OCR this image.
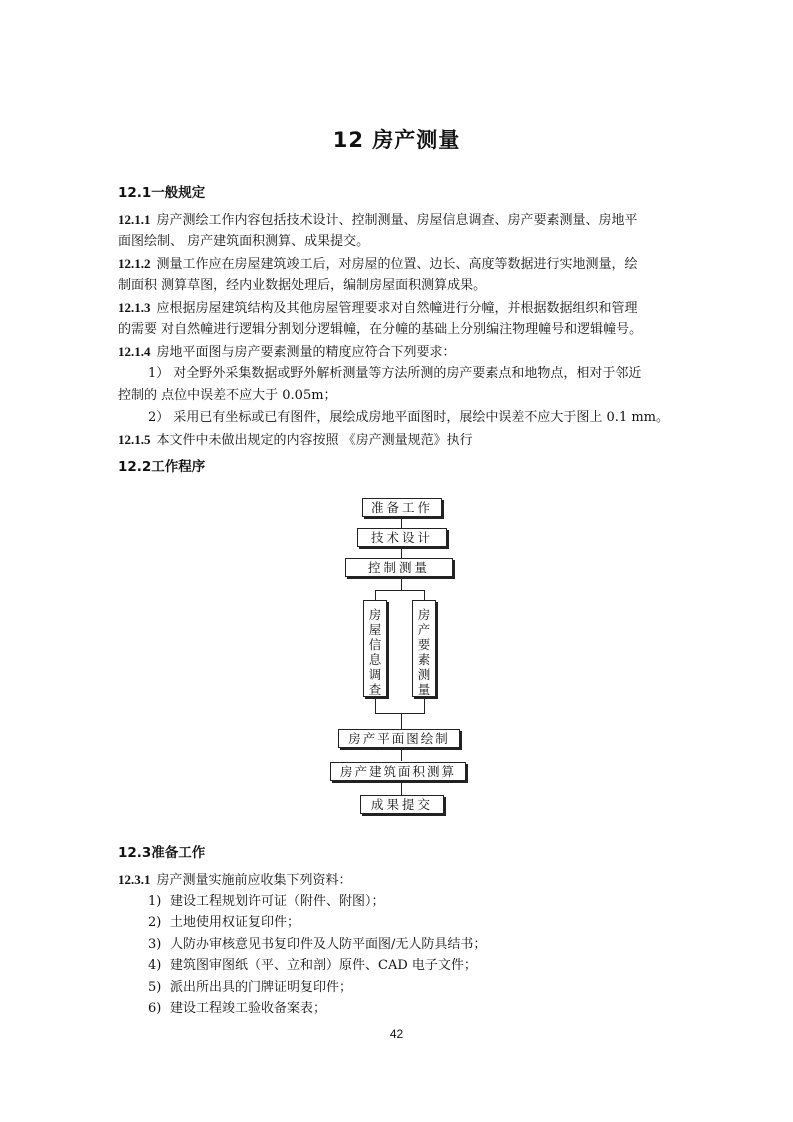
12 房产测量
12.1一般规定
12.1.1 房产测绘工作内容包括技术设计、控制测量、房屋信息调查、房产要素测量、房地平
面图绘制、 房产建筑面积测算、成果提交。
12.1.2 测量工作应在房屋建筑竣工后，对房屋的位置、边长、高度等数据进行实地测量，绘
制面积 测算草图，经内业数据处理后，编制房屋面积测算成果。
12.1.3 应根据房屋建筑结构及其他房屋管理要求对自然幢进行分幢，并根据数据组织和管理
的需要 对自然幢进行逻辑分割划分逻辑幢，在分幢的基础上分别编注物理幢号和逻辑幢号。
12.1.4 房地平面图与房产要素测量的精度应符合下列要求：
1） 对全野外采集数据或野外解析测量等方法所测的房产要素点和地物点，相对于邻近
控制的 点位中误差不应大于 0.05m；
2） 采用已有坐标或已有图件，展绘成房地平面图时，展绘中误差不应大于图上 0.1 mm。
12.1.5 本文件中未做出规定的内容按照 《房产测量规范》执行
12.2工作程序
准备工作
技术设计
控制测量
房
屋
信
息
调
查
房
产
要
素
测
量
房产平面图绘制
房产建筑面积测算
成果提交
12.3准备工作
12.3.1 房产测量实施前应收集下列资料：
1) 建设工程规划许可证（附件、附图）；
2) 土地使用权证复印件；
3) 人防办审核意见书复印件及人防平面图/无人防具结书；
4) 建筑图审图纸（平、立和剖）原件、CAD 电子文件；
5) 派出所出具的门牌证明复印件；
6) 建设工程竣工验收备案表；
42
